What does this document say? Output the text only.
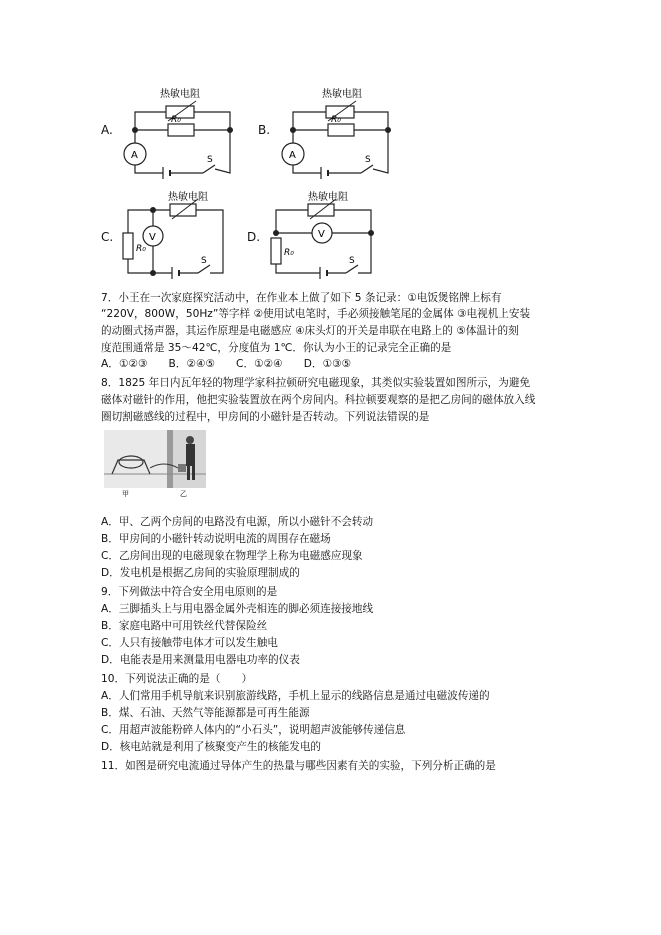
A.
热敏电阻
R₀
A	S
B.
热敏电阻
R₀
A	S
C.
热敏电阻
R₀
V
S
D.
热敏电阻
V
R₀
S
7．小王在一次家庭探究活动中，在作业本上做了如下 5 条记录：①电饭煲铭牌上标有
“220V，800W，50Hz”等字样 ②使用试电笔时，手必须接触笔尾的金属体 ③电视机上安装
的动圈式扬声器，其运作原理是电磁感应 ④床头灯的开关是串联在电路上的 ⑤体温计的刻
度范围通常是 35～42℃，分度值为 1℃．你认为小王的记录完全正确的是
A．①②③　　B．②④⑤　　C．①②④　　D．①③⑤
8．1825 年日内瓦年轻的物理学家科拉顿研究电磁现象，其类似实验装置如图所示，为避免
磁体对磁针的作用，他把实验装置放在两个房间内。科拉顿要观察的是把乙房间的磁体放入线
圈切割磁感线的过程中，甲房间的小磁针是否转动。下列说法错误的是
甲	乙
A．甲、乙两个房间的电路没有电源，所以小磁针不会转动
B．甲房间的小磁针转动说明电流的周围存在磁场
C．乙房间出现的电磁现象在物理学上称为电磁感应现象
D．发电机是根据乙房间的实验原理制成的
9．下列做法中符合安全用电原则的是
A．三脚插头上与用电器金属外壳相连的脚必须连接接地线
B．家庭电路中可用铁丝代替保险丝
C．人只有接触带电体才可以发生触电
D．电能表是用来测量用电器电功率的仪表
10．下列说法正确的是（　　）
A．人们常用手机导航来识别旅游线路，手机上显示的线路信息是通过电磁波传递的
B．煤、石油、天然气等能源都是可再生能源
C．用超声波能粉碎人体内的“小石头”，说明超声波能够传递信息
D．核电站就是利用了核聚变产生的核能发电的
11．如图是研究电流通过导体产生的热量与哪些因素有关的实验，下列分析正确的是
